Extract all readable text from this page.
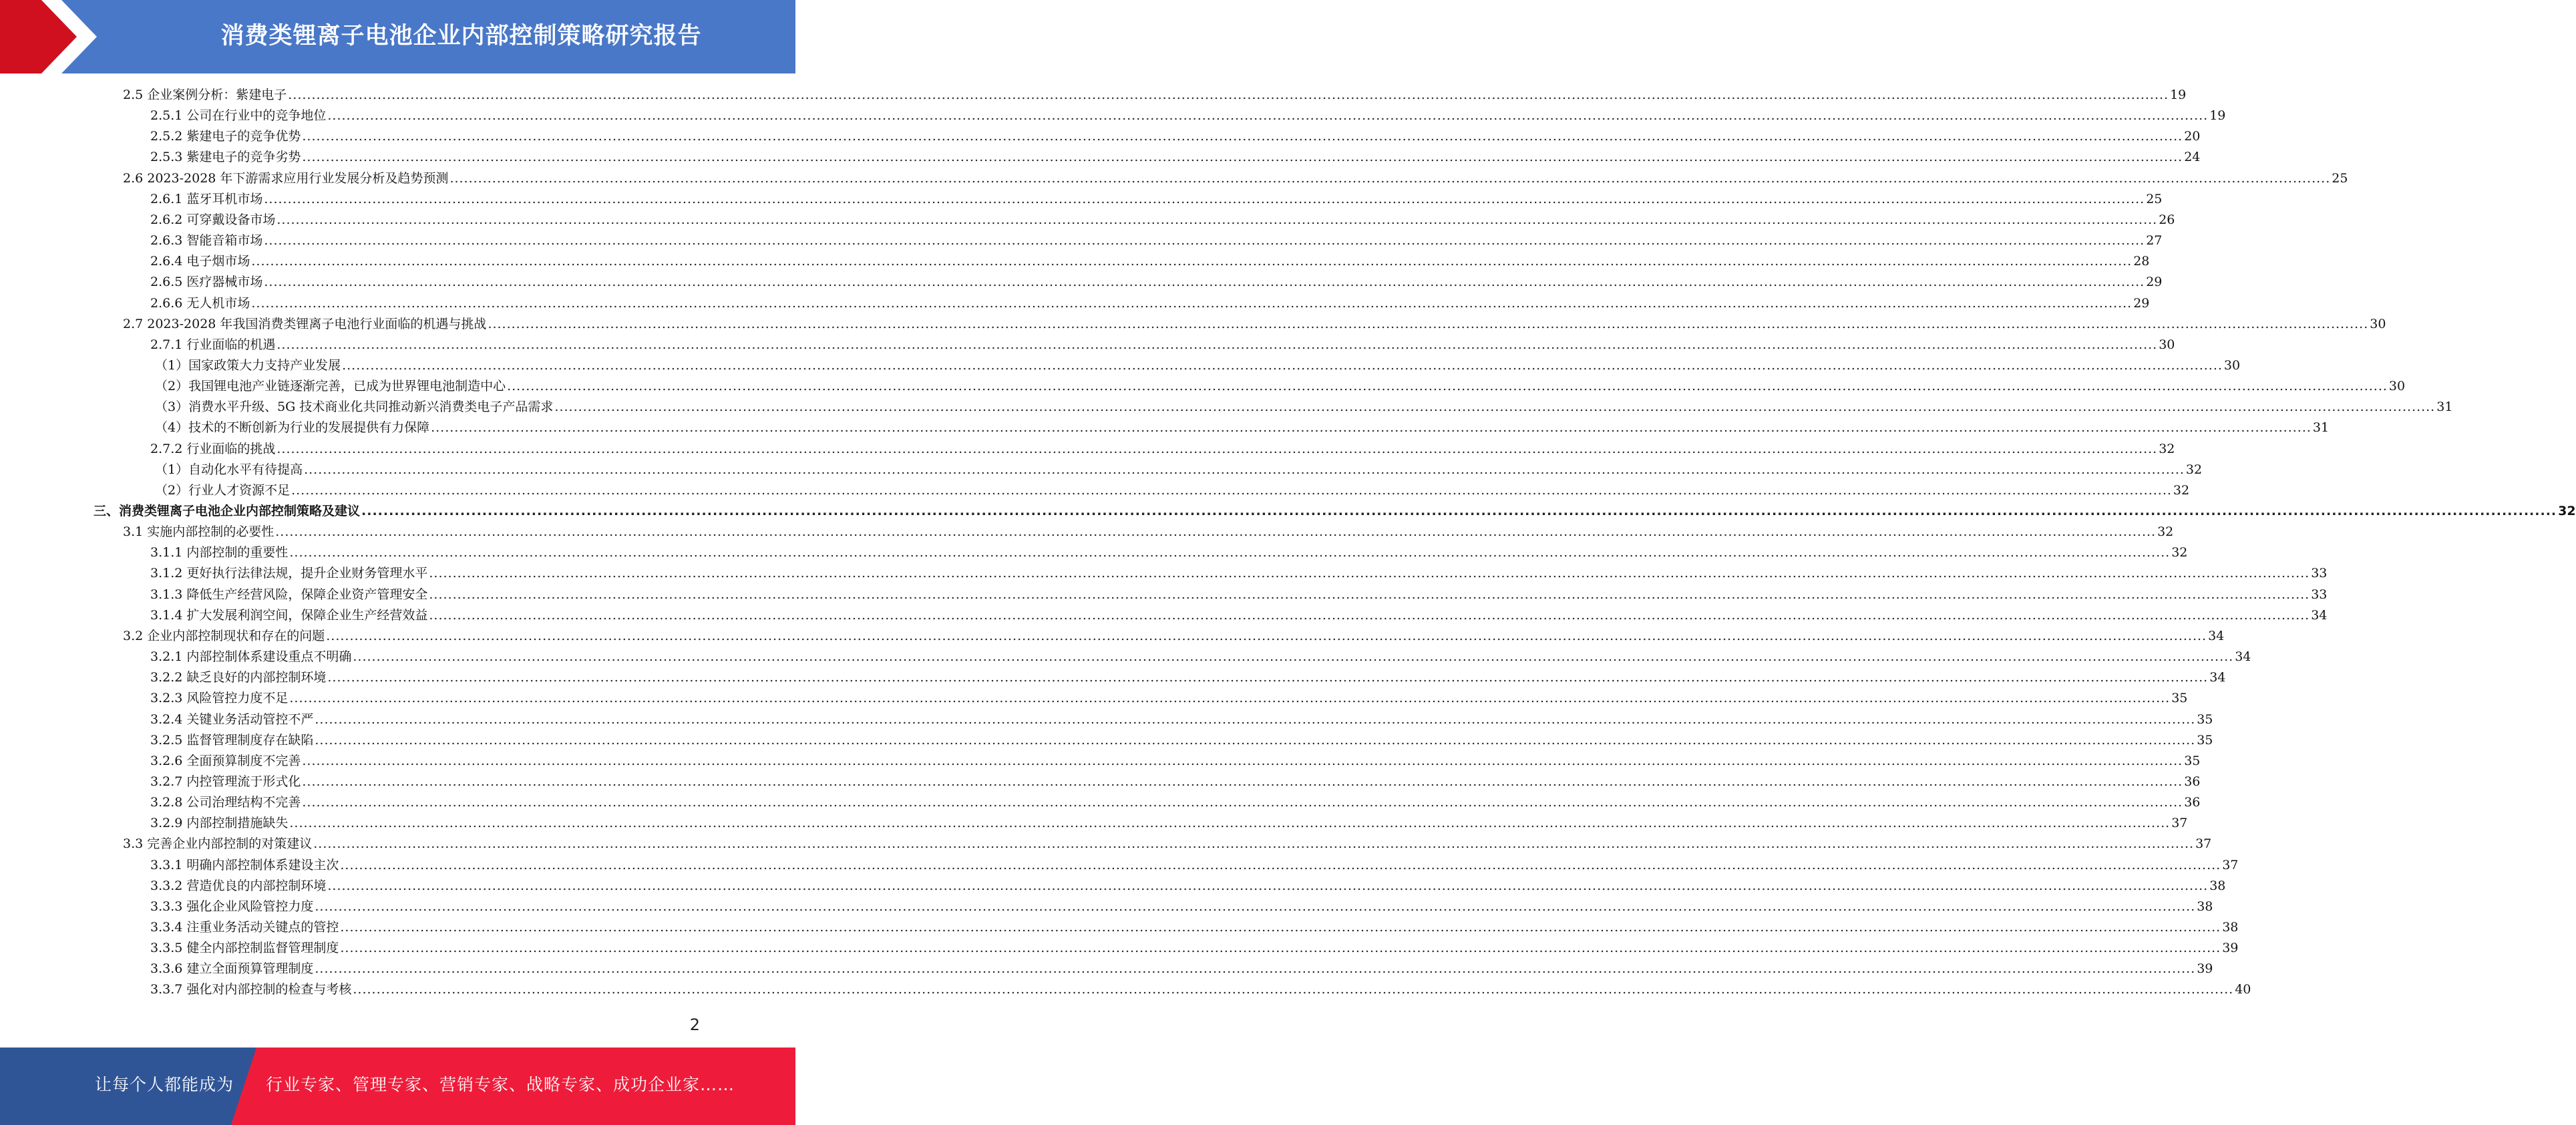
消费类锂离子电池企业内部控制策略研究报告
2.5 企业案例分析：紫建电子 ................................................................................................................................................................................................................................................................................................................................................................................................................ 19
2.5.1 公司在行业中的竞争地位 ................................................................................................................................................................................................................................................................................................................................................................................................................ 19
2.5.2 紫建电子的竞争优势 ................................................................................................................................................................................................................................................................................................................................................................................................................ 20
2.5.3 紫建电子的竞争劣势 ................................................................................................................................................................................................................................................................................................................................................................................................................ 24
2.6 2023-2028 年下游需求应用行业发展分析及趋势预测 ................................................................................................................................................................................................................................................................................................................................................................................................................ 25
2.6.1 蓝牙耳机市场 ................................................................................................................................................................................................................................................................................................................................................................................................................ 25
2.6.2 可穿戴设备市场 ................................................................................................................................................................................................................................................................................................................................................................................................................ 26
2.6.3 智能音箱市场 ................................................................................................................................................................................................................................................................................................................................................................................................................ 27
2.6.4 电子烟市场 ................................................................................................................................................................................................................................................................................................................................................................................................................ 28
2.6.5 医疗器械市场 ................................................................................................................................................................................................................................................................................................................................................................................................................ 29
2.6.6 无人机市场 ................................................................................................................................................................................................................................................................................................................................................................................................................ 29
2.7 2023-2028 年我国消费类锂离子电池行业面临的机遇与挑战 ................................................................................................................................................................................................................................................................................................................................................................................................................ 30
2.7.1 行业面临的机遇 ................................................................................................................................................................................................................................................................................................................................................................................................................ 30
（1）国家政策大力支持产业发展 ................................................................................................................................................................................................................................................................................................................................................................................................................ 30
（2）我国锂电池产业链逐渐完善，已成为世界锂电池制造中心 ................................................................................................................................................................................................................................................................................................................................................................................................................ 30
（3）消费水平升级、5G 技术商业化共同推动新兴消费类电子产品需求 ................................................................................................................................................................................................................................................................................................................................................................................................................ 31
（4）技术的不断创新为行业的发展提供有力保障 ................................................................................................................................................................................................................................................................................................................................................................................................................ 31
2.7.2 行业面临的挑战 ................................................................................................................................................................................................................................................................................................................................................................................................................ 32
（1）自动化水平有待提高 ................................................................................................................................................................................................................................................................................................................................................................................................................ 32
（2）行业人才资源不足 ................................................................................................................................................................................................................................................................................................................................................................................................................ 32
三、消费类锂离子电池企业内部控制策略及建议 ................................................................................................................................................................................................................................................................................................................................................................................................................ 32
3.1 实施内部控制的必要性 ................................................................................................................................................................................................................................................................................................................................................................................................................ 32
3.1.1 内部控制的重要性 ................................................................................................................................................................................................................................................................................................................................................................................................................ 32
3.1.2 更好执行法律法规，提升企业财务管理水平 ................................................................................................................................................................................................................................................................................................................................................................................................................ 33
3.1.3 降低生产经营风险，保障企业资产管理安全 ................................................................................................................................................................................................................................................................................................................................................................................................................ 33
3.1.4 扩大发展利润空间，保障企业生产经营效益 ................................................................................................................................................................................................................................................................................................................................................................................................................ 34
3.2 企业内部控制现状和存在的问题 ................................................................................................................................................................................................................................................................................................................................................................................................................ 34
3.2.1 内部控制体系建设重点不明确 ................................................................................................................................................................................................................................................................................................................................................................................................................ 34
3.2.2 缺乏良好的内部控制环境 ................................................................................................................................................................................................................................................................................................................................................................................................................ 34
3.2.3 风险管控力度不足 ................................................................................................................................................................................................................................................................................................................................................................................................................ 35
3.2.4 关键业务活动管控不严 ................................................................................................................................................................................................................................................................................................................................................................................................................ 35
3.2.5 监督管理制度存在缺陷 ................................................................................................................................................................................................................................................................................................................................................................................................................ 35
3.2.6 全面预算制度不完善 ................................................................................................................................................................................................................................................................................................................................................................................................................ 35
3.2.7 内控管理流于形式化 ................................................................................................................................................................................................................................................................................................................................................................................................................ 36
3.2.8 公司治理结构不完善 ................................................................................................................................................................................................................................................................................................................................................................................................................ 36
3.2.9 内部控制措施缺失 ................................................................................................................................................................................................................................................................................................................................................................................................................ 37
3.3 完善企业内部控制的对策建议 ................................................................................................................................................................................................................................................................................................................................................................................................................ 37
3.3.1 明确内部控制体系建设主次 ................................................................................................................................................................................................................................................................................................................................................................................................................ 37
3.3.2 营造优良的内部控制环境 ................................................................................................................................................................................................................................................................................................................................................................................................................ 38
3.3.3 强化企业风险管控力度 ................................................................................................................................................................................................................................................................................................................................................................................................................ 38
3.3.4 注重业务活动关键点的管控 ................................................................................................................................................................................................................................................................................................................................................................................................................ 38
3.3.5 健全内部控制监督管理制度 ................................................................................................................................................................................................................................................................................................................................................................................................................ 39
3.3.6 建立全面预算管理制度 ................................................................................................................................................................................................................................................................................................................................................................................................................ 39
3.3.7 强化对内部控制的检查与考核 ................................................................................................................................................................................................................................................................................................................................................................................................................ 40
2
让每个人都能成为 行业专家、管理专家、营销专家、战略专家、成功企业家……
